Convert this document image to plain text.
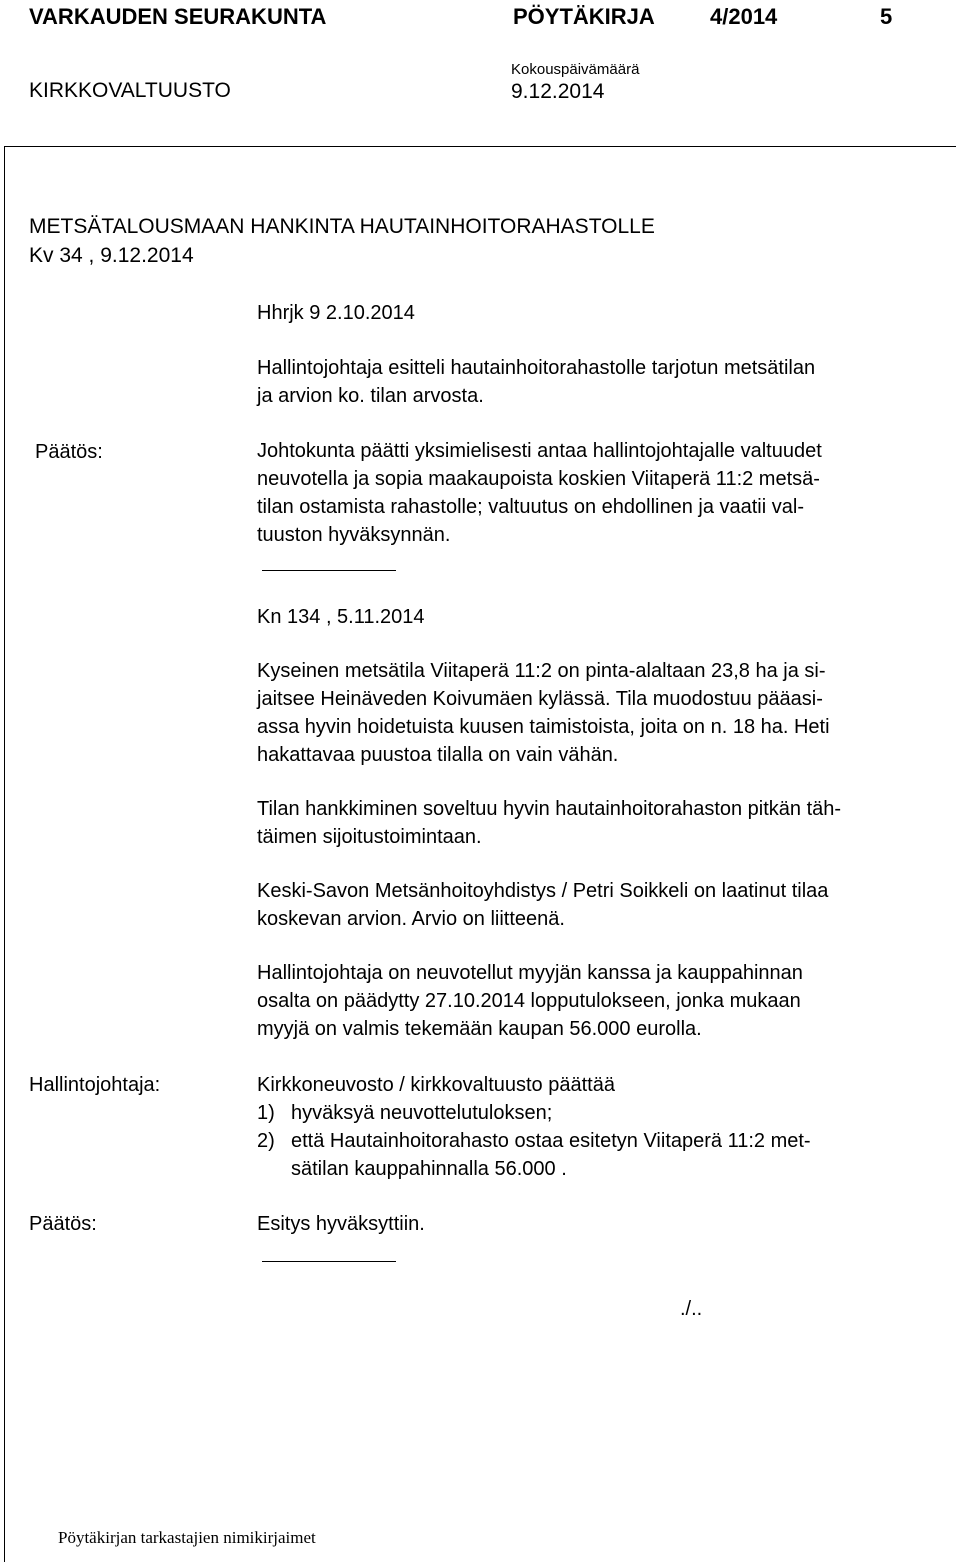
VARKAUDEN SEURAKUNTA	PÖYTÄKIRJA	4/2014	5
KIRKKOVALTUUSTO
Kokouspäivämäärä
9.12.2014
METSÄTALOUSMAAN HANKINTA HAUTAINHOITORAHASTOLLE
Kv 34 , 9.12.2014
Hhrjk 9 2.10.2014
Hallintojohtaja esitteli hautainhoitorahastolle tarjotun metsätilan
ja arvion ko. tilan arvosta.
Päätös:	Johtokunta päätti yksimielisesti antaa hallintojohtajalle valtuudet
neuvotella ja sopia maakaupoista koskien Viitaperä 11:2 metsä-
tilan ostamista rahastolle; valtuutus on ehdollinen ja vaatii val-
tuuston hyväksynnän.
Kn 134 , 5.11.2014
Kyseinen metsätila Viitaperä 11:2 on pinta-alaltaan 23,8 ha ja si-
jaitsee Heinäveden Koivumäen kylässä. Tila muodostuu pääasi-
assa hyvin hoidetuista kuusen taimistoista, joita on n. 18 ha. Heti
hakattavaa puustoa tilalla on vain vähän.
Tilan hankkiminen soveltuu hyvin hautainhoitorahaston pitkän täh-
täimen sijoitustoimintaan.
Keski-Savon Metsänhoitoyhdistys / Petri Soikkeli on laatinut tilaa
koskevan arvion. Arvio on liitteenä.
Hallintojohtaja on neuvotellut myyjän kanssa ja kauppahinnan
osalta on päädytty 27.10.2014 lopputulokseen, jonka mukaan
myyjä on valmis tekemään kaupan 56.000 eurolla.
Hallintojohtaja:	Kirkkoneuvosto / kirkkovaltuusto päättää
1) hyväksyä neuvottelutuloksen;
2) että Hautainhoitorahasto ostaa esitetyn Viitaperä 11:2 met-
sätilan kauppahinnalla 56.000 .
Päätös:	Esitys hyväksyttiin.
./..
Pöytäkirjan tarkastajien nimikirjaimet
